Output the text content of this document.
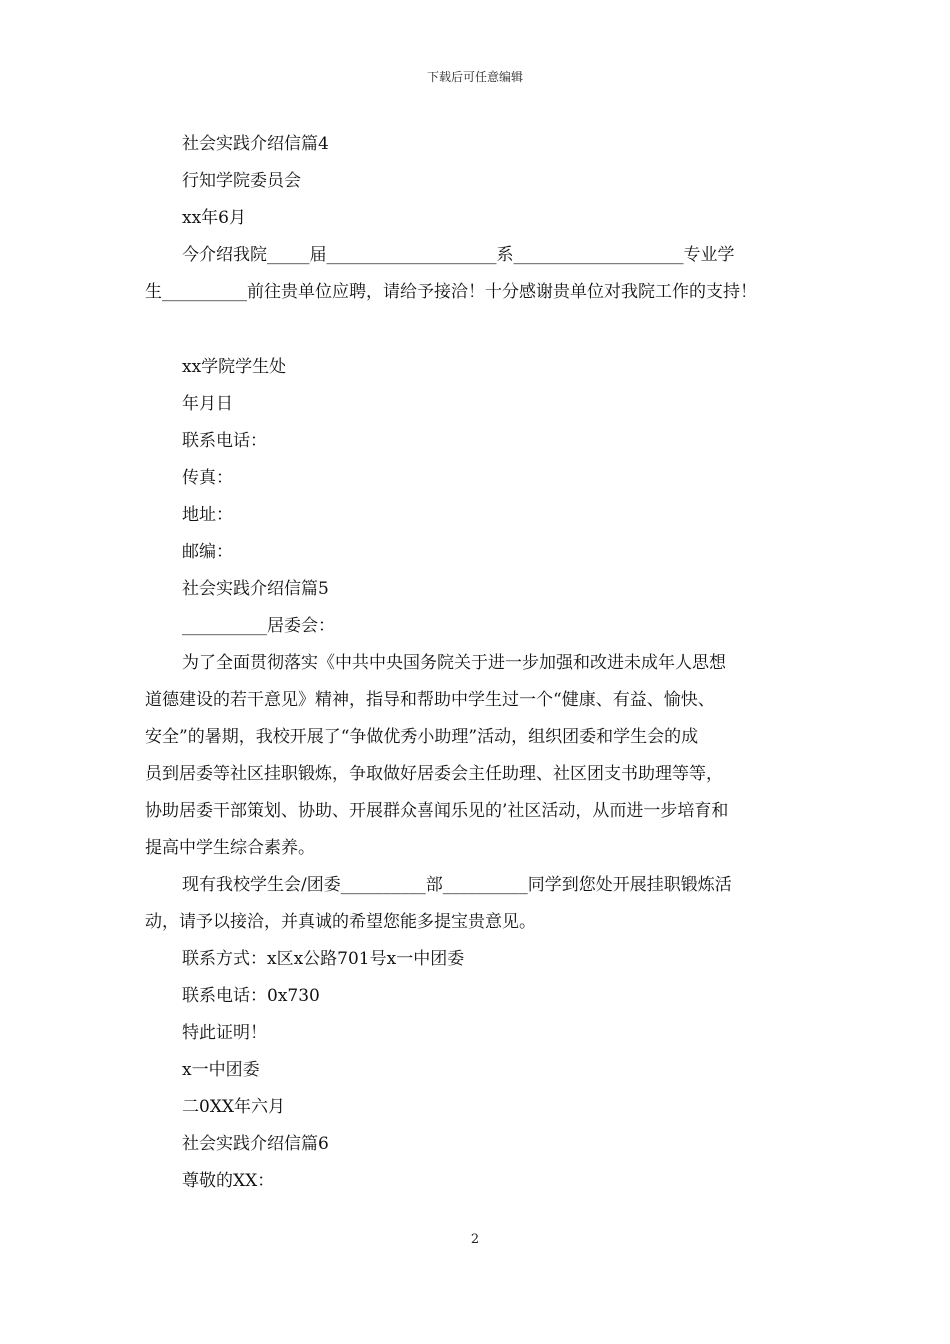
下载后可任意编辑
社会实践介绍信篇4
行知学院委员会
xx年6月
今介绍我院_____届____________________系____________________专业学
生__________前往贵单位应聘，请给予接洽！十分感谢贵单位对我院工作的支持！
xx学院学生处
年月日
联系电话：
传真：
地址：
邮编：
社会实践介绍信篇5
__________居委会：
为了全面贯彻落实《中共中央国务院关于进一步加强和改进未成年人思想
道德建设的若干意见》精神，指导和帮助中学生过一个“健康、有益、愉快、
安全”的暑期，我校开展了“争做优秀小助理”活动，组织团委和学生会的成
员到居委等社区挂职锻炼，争取做好居委会主任助理、社区团支书助理等等，
协助居委干部策划、协助、开展群众喜闻乐见的’社区活动，从而进一步培育和
提高中学生综合素养。
现有我校学生会/团委__________部__________同学到您处开展挂职锻炼活
动，请予以接洽，并真诚的希望您能多提宝贵意见。
联系方式：x区x公路701号x一中团委
联系电话：0x730
特此证明！
x一中团委
二0XX年六月
社会实践介绍信篇6
尊敬的XX：
2
